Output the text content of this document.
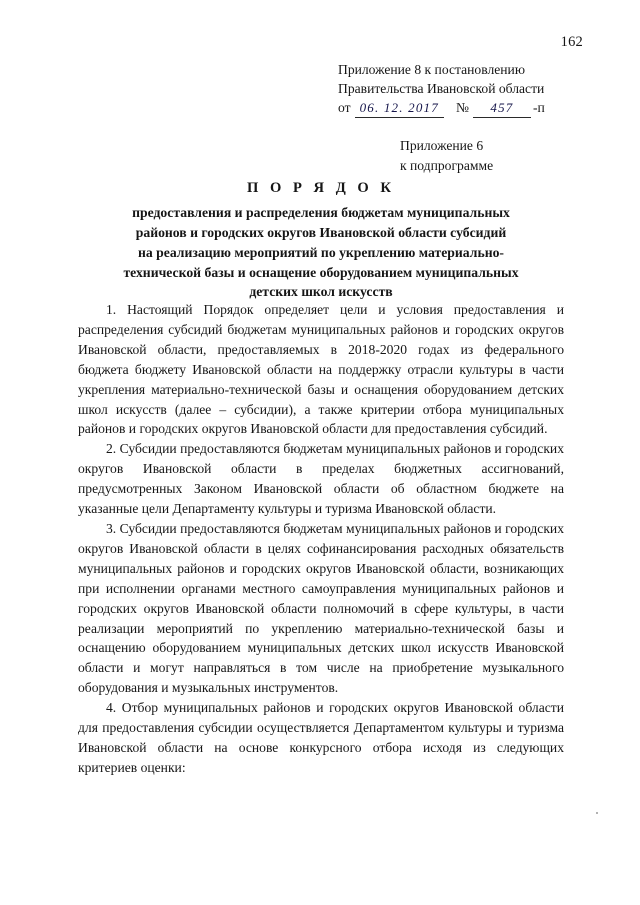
162
Приложение 8 к постановлению
Правительства Ивановской области
от 06. 12. 2017	№	457	-п
Приложение 6
к подпрограмме
П О Р Я Д О К
предоставления и распределения бюджетам муниципальных
районов и городских округов Ивановской области субсидий
на реализацию мероприятий по укреплению материально-
технической базы и оснащение оборудованием муниципальных
детских школ искусств

1. Настоящий Порядок определяет цели и условия предоставления и распределения субсидий бюджетам муниципальных районов и городских округов Ивановской области, предоставляемых в 2018-2020 годах из федерального бюджета бюджету Ивановской области на поддержку отрасли культуры в части укрепления материально-технической базы и оснащения оборудованием детских школ искусств (далее – субсидии), а также критерии отбора муниципальных районов и городских округов Ивановской области для предоставления субсидий.

2. Субсидии предоставляются бюджетам муниципальных районов и городских округов Ивановской области в пределах бюджетных ассигнований, предусмотренных Законом Ивановской области об областном бюджете на указанные цели Департаменту культуры и туризма Ивановской области.

3. Субсидии предоставляются бюджетам муниципальных районов и городских округов Ивановской области в целях софинансирования расходных обязательств муниципальных районов и городских округов Ивановской области, возникающих при исполнении органами местного самоуправления муниципальных районов и городских округов Ивановской области полномочий в сфере культуры, в части реализации мероприятий по укреплению материально-технической базы и оснащению оборудованием муниципальных детских школ искусств Ивановской области и могут направляться в том числе на приобретение музыкального оборудования и музыкальных инструментов.

4. Отбор муниципальных районов и городских округов Ивановской области для предоставления субсидии осуществляется Департаментом культуры и туризма Ивановской области на основе конкурсного отбора исходя из следующих критериев оценки:
